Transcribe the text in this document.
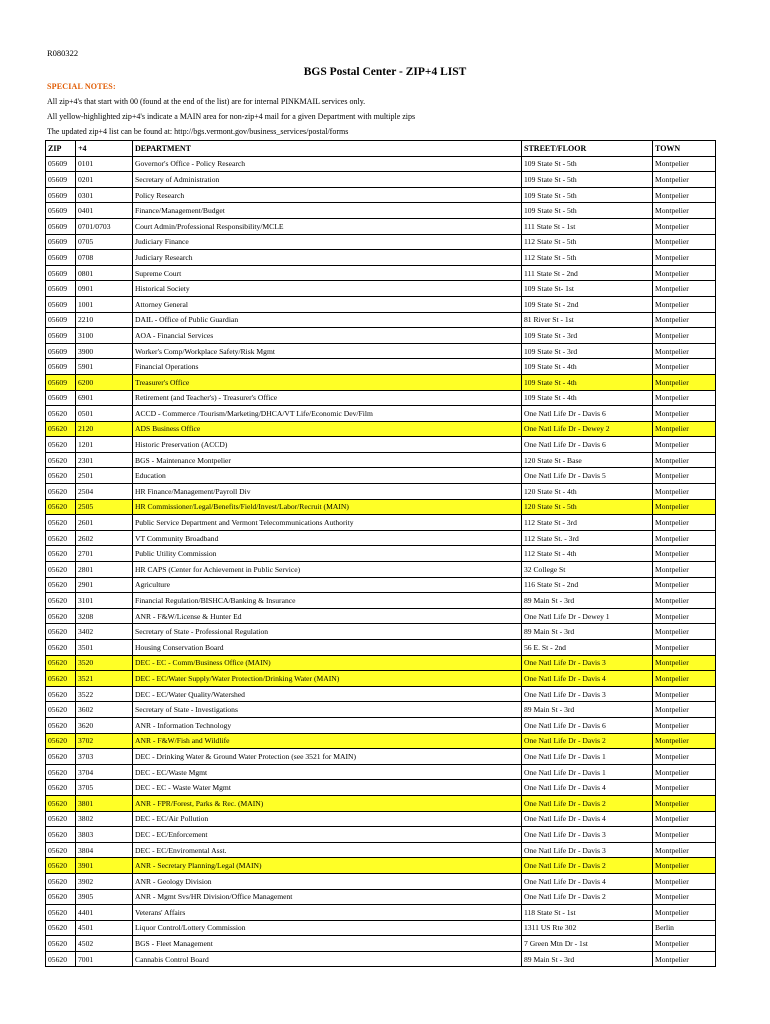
R080322
BGS Postal Center - ZIP+4 LIST
SPECIAL NOTES:
All zip+4's that start with 00 (found at the end of the list) are for internal PINKMAIL services only.
All yellow-highlighted zip+4's indicate a MAIN area for non-zip+4 mail for a given Department with multiple zips
The updated zip+4 list can be found at: http://bgs.vermont.gov/business_services/postal/forms
ZIP	+4	DEPARTMENT	STREET/FLOOR	TOWN
05609	0101	Governor's Office - Policy Research	109 State St - 5th	Montpelier
05609	0201	Secretary of Administration	109 State St - 5th	Montpelier
05609	0301	Policy Research	109 State St - 5th	Montpelier
05609	0401	Finance/Management/Budget	109 State St - 5th	Montpelier
05609	0701/0703	Court Admin/Professional Responsibility/MCLE	111 State St - 1st	Montpelier
05609	0705	Judiciary Finance	112 State St - 5th	Montpelier
05609	0708	Judiciary Research	112 State St - 5th	Montpelier
05609	0801	Supreme Court	111 State St - 2nd	Montpelier
05609	0901	Historical Society	109 State St- 1st	Montpelier
05609	1001	Attorney General	109 State St - 2nd	Montpelier
05609	2210	DAIL - Office of Public Guardian	81 River St - 1st	Montpelier
05609	3100	AOA - Financial Services	109 State St - 3rd	Montpelier
05609	3900	Worker's Comp/Workplace Safety/Risk Mgmt	109 State St - 3rd	Montpelier
05609	5901	Financial Operations	109 State St - 4th	Montpelier
05609	6200	Treasurer's Office	109 State St - 4th	Montpelier
05609	6901	Retirement (and Teacher's) - Treasurer's Office	109 State St - 4th	Montpelier
05620	0501	ACCD - Commerce /Tourism/Marketing/DHCA/VT Life/Economic Dev/Film	One Natl Life Dr - Davis 6	Montpelier
05620	2120	ADS Business Office	One Natl Life Dr - Dewey 2	Montpelier
05620	1201	Historic Preservation (ACCD)	One Natl Life Dr - Davis 6	Montpelier
05620	2301	BGS - Maintenance Montpelier	120 State St - Base	Montpelier
05620	2501	Education	One Natl Life Dr - Davis 5	Montpelier
05620	2504	HR Finance/Management/Payroll Div	120 State St - 4th	Montpelier
05620	2505	HR Commissioner/Legal/Benefits/Field/Invest/Labor/Recruit (MAIN)	120 State St - 5th	Montpelier
05620	2601	Public Service Department and Vermont Telecommunications Authority	112 State St - 3rd	Montpelier
05620	2602	VT Community Broadband	112 State St. - 3rd	Montpelier
05620	2701	Public Utility Commission	112 State St - 4th	Montpelier
05620	2801	HR CAPS (Center for Achievement in Public Service)	32 College St	Montpelier
05620	2901	Agriculture	116 State St - 2nd	Montpelier
05620	3101	Financial Regulation/BISHCA/Banking & Insurance	89 Main St - 3rd	Montpelier
05620	3208	ANR - F&W/License & Hunter Ed	One Natl Life Dr - Dewey 1	Montpelier
05620	3402	Secretary of State - Professional Regulation	89 Main St - 3rd	Montpelier
05620	3501	Housing Conservation Board	56 E. St - 2nd	Montpelier
05620	3520	DEC - EC - Comm/Business Office (MAIN)	One Natl Life Dr - Davis 3	Montpelier
05620	3521	DEC - EC/Water Supply/Water Protection/Drinking Water (MAIN)	One Natl Life Dr - Davis 4	Montpelier
05620	3522	DEC - EC/Water Quality/Watershed	One Natl Life Dr - Davis 3	Montpelier
05620	3602	Secretary of State - Investigations	89 Main St - 3rd	Montpelier
05620	3620	ANR - Information Technology	One Natl Life Dr - Davis 6	Montpelier
05620	3702	ANR - F&W/Fish and Wildlife	One Natl Life Dr - Davis 2	Montpelier
05620	3703	DEC - Drinking Water & Ground Water Protection (see 3521 for MAIN)	One Natl Life Dr - Davis 1	Montpelier
05620	3704	DEC - EC/Waste Mgmt	One Natl Life Dr - Davis 1	Montpelier
05620	3705	DEC - EC - Waste Water Mgmt	One Natl Life Dr - Davis 4	Montpelier
05620	3801	ANR - FPR/Forest, Parks & Rec. (MAIN)	One Natl Life Dr - Davis 2	Montpelier
05620	3802	DEC - EC/Air Pollution	One Natl Life Dr - Davis 4	Montpelier
05620	3803	DEC - EC/Enforcement	One Natl Life Dr - Davis 3	Montpelier
05620	3804	DEC - EC/Enviromental Asst.	One Natl Life Dr - Davis 3	Montpelier
05620	3901	ANR - Secretary Planning/Legal (MAIN)	One Natl Life Dr - Davis 2	Montpelier
05620	3902	ANR - Geology Division	One Natl Life Dr - Davis 4	Montpelier
05620	3905	ANR - Mgmt Svs/HR Division/Office Management	One Natl Life Dr - Davis 2	Montpelier
05620	4401	Veterans' Affairs	118 State St - 1st	Montpelier
05620	4501	Liquor Control/Lottery Commission	1311 US Rte 302	Berlin
05620	4502	BGS - Fleet Management	7 Green Mtn Dr - 1st	Montpelier
05620	7001	Cannabis Control Board	89 Main St - 3rd	Montpelier
